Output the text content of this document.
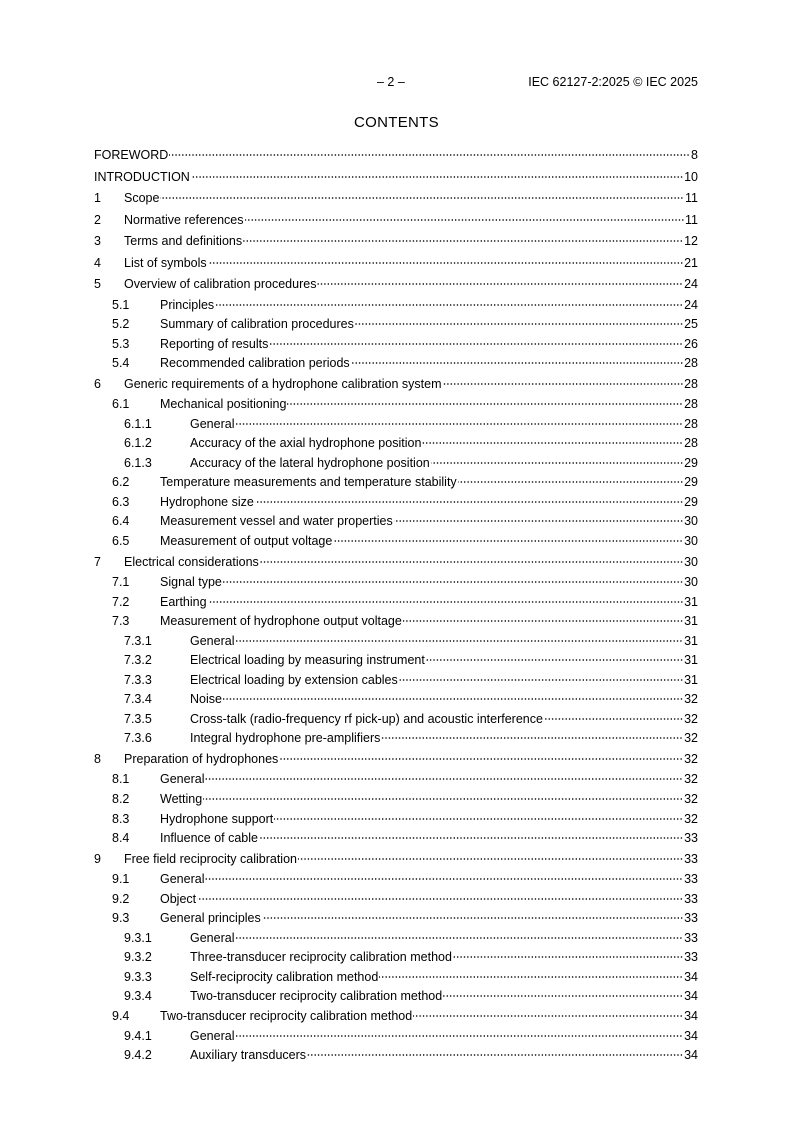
– 2 –	IEC 62127-2:2025 © IEC 2025
CONTENTS
FOREWORD	8
INTRODUCTION	10
1	Scope	11
2	Normative references	11
3	Terms and definitions	12
4	List of symbols	21
5	Overview of calibration procedures	24
5.1	Principles	24
5.2	Summary of calibration procedures	25
5.3	Reporting of results	26
5.4	Recommended calibration periods	28
6	Generic requirements of a hydrophone calibration system	28
6.1	Mechanical positioning	28
6.1.1	General	28
6.1.2	Accuracy of the axial hydrophone position	28
6.1.3	Accuracy of the lateral hydrophone position	29
6.2	Temperature measurements and temperature stability	29
6.3	Hydrophone size	29
6.4	Measurement vessel and water properties	30
6.5	Measurement of output voltage	30
7	Electrical considerations	30
7.1	Signal type	30
7.2	Earthing	31
7.3	Measurement of hydrophone output voltage	31
7.3.1	General	31
7.3.2	Electrical loading by measuring instrument	31
7.3.3	Electrical loading by extension cables	31
7.3.4	Noise	32
7.3.5	Cross-talk (radio-frequency rf pick-up) and acoustic interference	32
7.3.6	Integral hydrophone pre-amplifiers	32
8	Preparation of hydrophones	32
8.1	General	32
8.2	Wetting	32
8.3	Hydrophone support	32
8.4	Influence of cable	33
9	Free field reciprocity calibration	33
9.1	General	33
9.2	Object	33
9.3	General principles	33
9.3.1	General	33
9.3.2	Three-transducer reciprocity calibration method	33
9.3.3	Self-reciprocity calibration method	34
9.3.4	Two-transducer reciprocity calibration method	34
9.4	Two-transducer reciprocity calibration method	34
9.4.1	General	34
9.4.2	Auxiliary transducers	34
